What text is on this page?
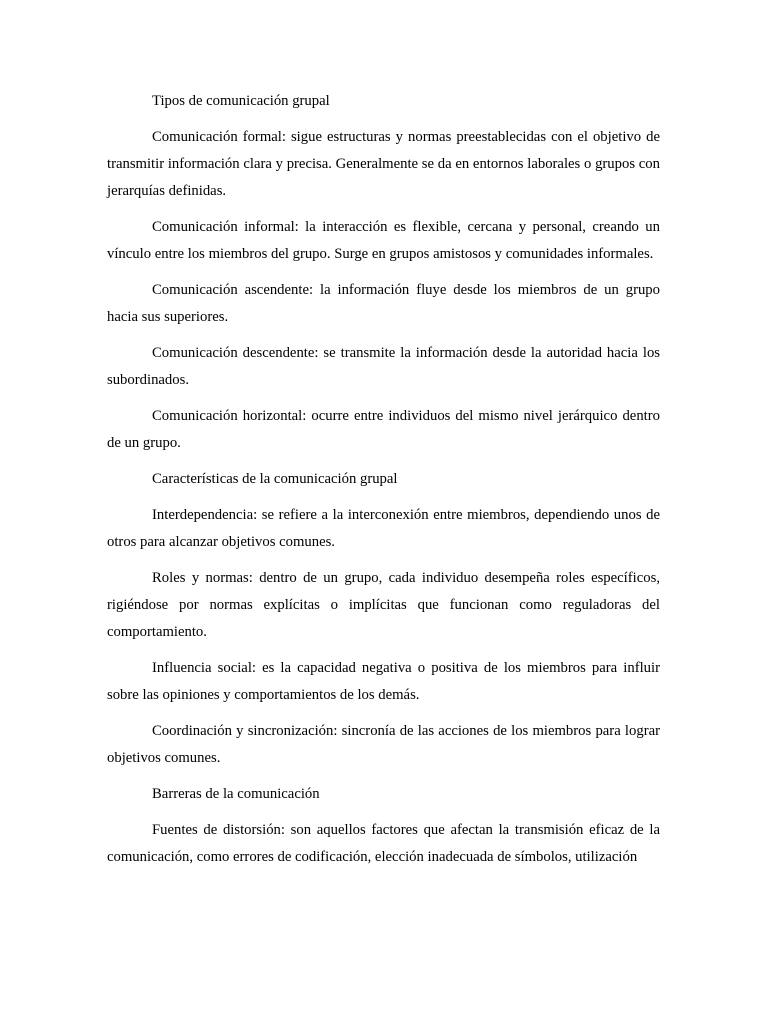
Tipos de comunicación grupal

Comunicación formal: sigue estructuras y normas preestablecidas con el objetivo de transmitir información clara y precisa. Generalmente se da en entornos laborales o grupos con jerarquías definidas.

Comunicación informal: la interacción es flexible, cercana y personal, creando un vínculo entre los miembros del grupo. Surge en grupos amistosos y comunidades informales.

Comunicación ascendente: la información fluye desde los miembros de un grupo hacia sus superiores.

Comunicación descendente: se transmite la información desde la autoridad hacia los subordinados.

Comunicación horizontal: ocurre entre individuos del mismo nivel jerárquico dentro de un grupo.

Características de la comunicación grupal

Interdependencia: se refiere a la interconexión entre miembros, dependiendo unos de otros para alcanzar objetivos comunes.

Roles y normas: dentro de un grupo, cada individuo desempeña roles específicos, rigiéndose por normas explícitas o implícitas que funcionan como reguladoras del comportamiento.

Influencia social: es la capacidad negativa o positiva de los miembros para influir sobre las opiniones y comportamientos de los demás.

Coordinación y sincronización: sincronía de las acciones de los miembros para lograr objetivos comunes.

Barreras de la comunicación

Fuentes de distorsión: son aquellos factores que afectan la transmisión eficaz de la comunicación, como errores de codificación, elección inadecuada de símbolos, utilización
